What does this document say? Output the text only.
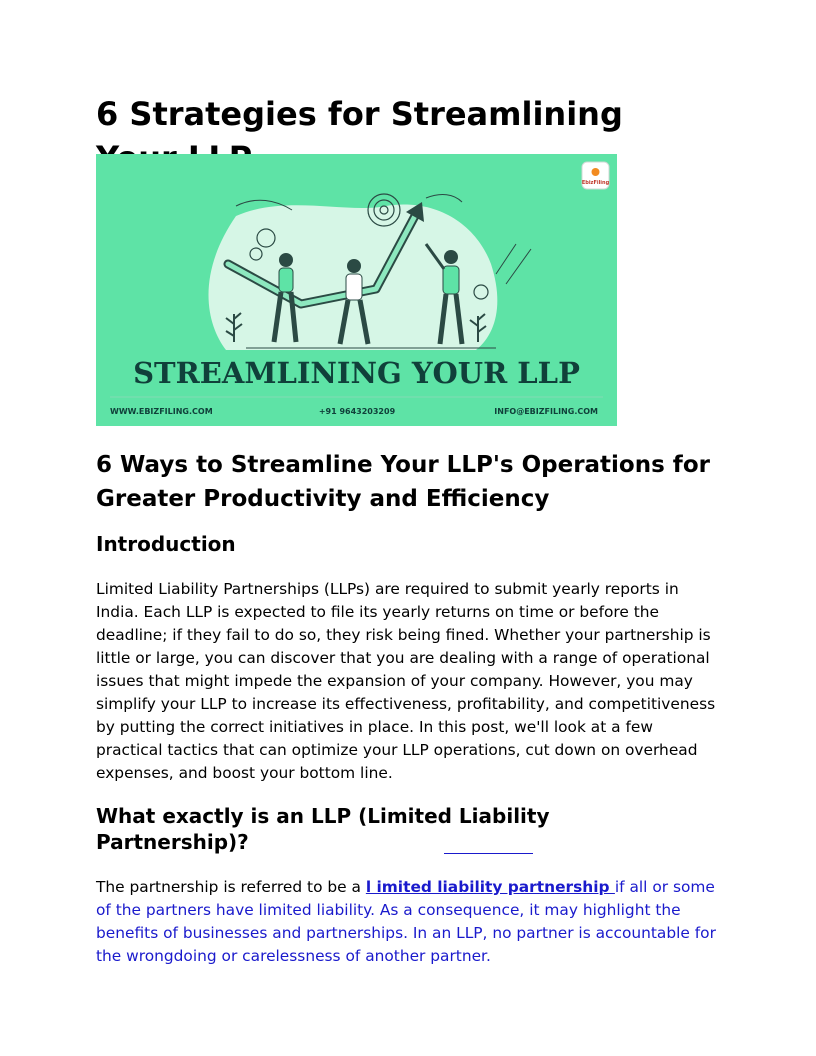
6 Strategies for Streamlining
EbizFiling
STREAMLINING YOUR LLP
WWW.EBIZFILING.COM	+91 9643203209	INFO@EBIZFILING.COM
6 Ways to Streamline Your LLP's Operations for Greater Productivity and Efficiency
Introduction

Limited Liability Partnerships (LLPs) are required to submit yearly reports in India. Each LLP is expected to file its yearly returns on time or before the deadline; if they fail to do so, they risk being fined. Whether your partnership is little or large, you can discover that you are dealing with a range of operational issues that might impede the expansion of your company. However, you may simplify your LLP to increase its effectiveness, profitability, and competitiveness by putting the correct initiatives in place. In this post, we'll look at a few practical tactics that can optimize your LLP operations, cut down on overhead expenses, and boost your bottom line.

What exactly is an LLP (Limited Liability Partnership)?

The partnership is referred to be a l imited liability partnership if all or some of the partners have limited liability. As a consequence, it may highlight the benefits of businesses and partnerships. In an LLP, no partner is accountable for the wrongdoing or carelessness of another partner.
